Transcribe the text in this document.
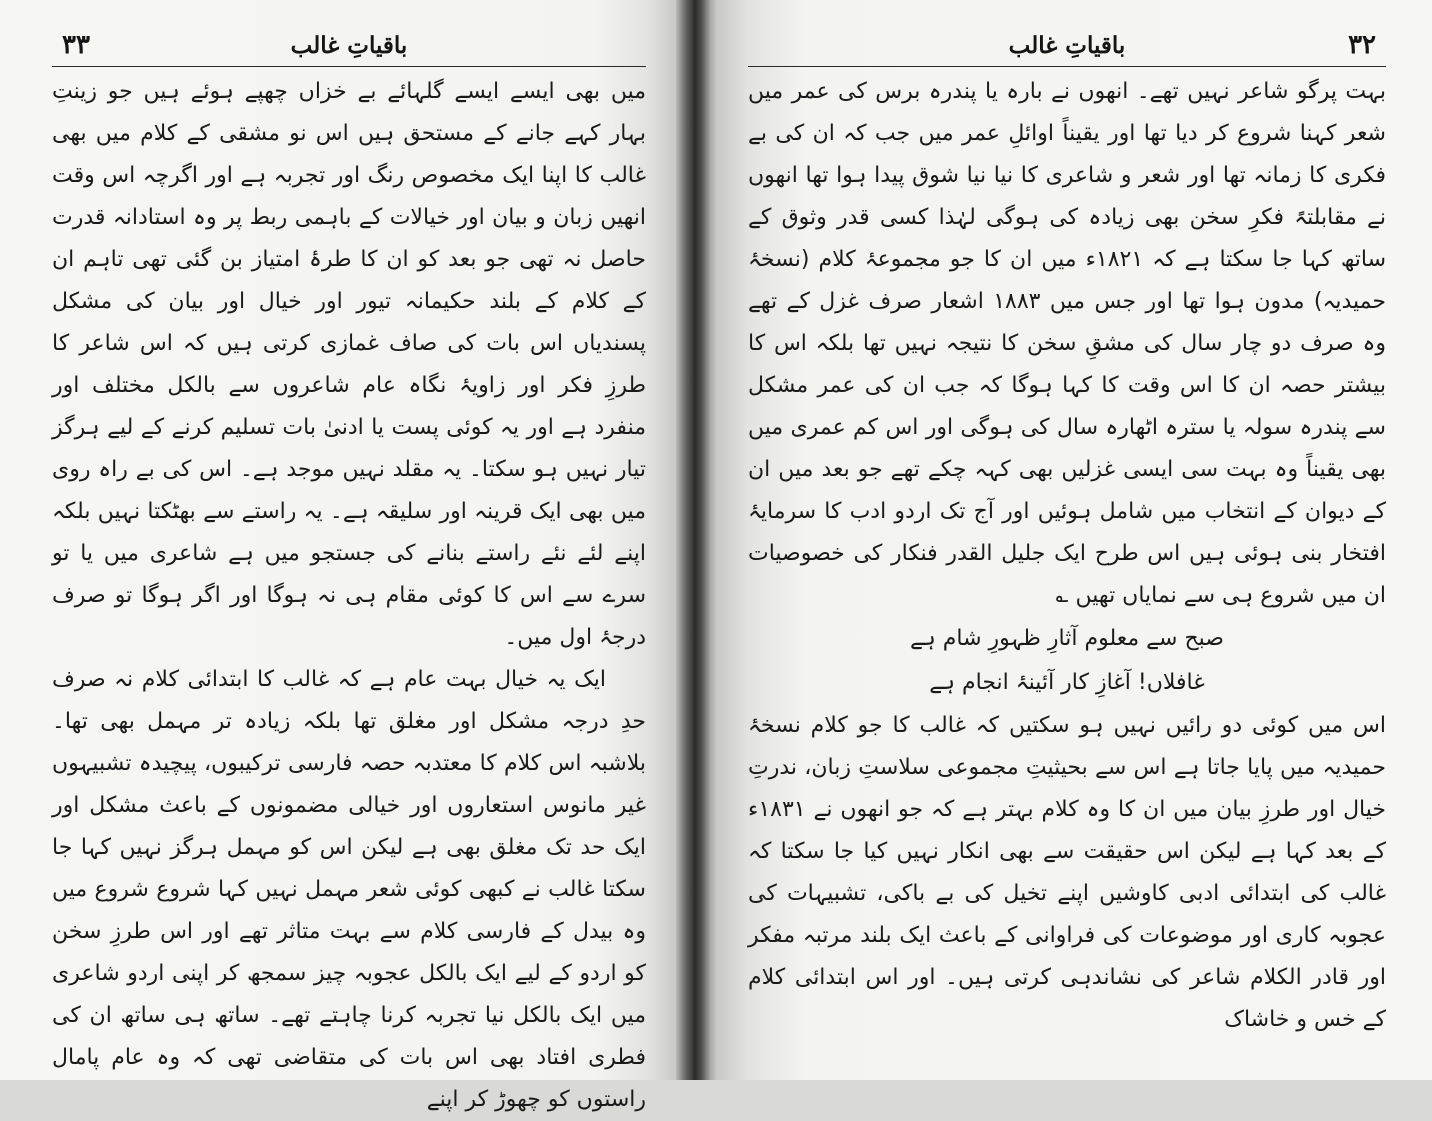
۳۳	باقیاتِ غالب

میں بھی ایسے ایسے گلہائے بے خزاں چھپے ہوئے ہیں جو زینتِ بہار کہے جانے کے مستحق ہیں اس نو مشقی کے کلام میں بھی غالب کا اپنا ایک مخصوص رنگ اور تجربہ ہے اور اگرچہ اس وقت انھیں زبان و بیان اور خیالات کے باہمی ربط پر وہ استادانہ قدرت حاصل نہ تھی جو بعد کو ان کا طرۂ امتیاز بن گئی تھی تاہم ان کے کلام کے بلند حکیمانہ تیور اور خیال اور بیان کی مشکل پسندیاں اس بات کی صاف غمازی کرتی ہیں کہ اس شاعر کا طرزِ فکر اور زاویۂ نگاہ عام شاعروں سے بالکل مختلف اور منفرد ہے اور یہ کوئی پست یا ادنیٰ بات تسلیم کرنے کے لیے ہرگز تیار نہیں ہو سکتا۔ یہ مقلد نہیں موجد ہے۔ اس کی بے راہ روی میں بھی ایک قرینہ اور سلیقہ ہے۔ یہ راستے سے بھٹکتا نہیں بلکہ اپنے لئے نئے راستے بنانے کی جستجو میں ہے شاعری میں یا تو سرے سے اس کا کوئی مقام ہی نہ ہوگا اور اگر ہوگا تو صرف درجۂ اول میں۔

ایک یہ خیال بہت عام ہے کہ غالب کا ابتدائی کلام نہ صرف حدِ درجہ مشکل اور مغلق تھا بلکہ زیادہ تر مہمل بھی تھا۔ بلاشبہ اس کلام کا معتدبہ حصہ فارسی ترکیبوں، پیچیدہ تشبیہوں غیر مانوس استعاروں اور خیالی مضمونوں کے باعث مشکل اور ایک حد تک مغلق بھی ہے لیکن اس کو مہمل ہرگز نہیں کہا جا سکتا غالب نے کبھی کوئی شعر مہمل نہیں کہا شروع شروع میں وہ بیدل کے فارسی کلام سے بہت متاثر تھے اور اس طرزِ سخن کو اردو کے لیے ایک بالکل عجوبہ چیز سمجھ کر اپنی اردو شاعری میں ایک بالکل نیا تجربہ کرنا چاہتے تھے۔ ساتھ ہی ساتھ ان کی فطری افتاد بھی اس بات کی متقاضی تھی کہ وہ عام پامال راستوں کو چھوڑ کر اپنے

باقیاتِ غالب	۳۲

بہت پرگو شاعر نہیں تھے۔ انھوں نے بارہ یا پندرہ برس کی عمر میں شعر کہنا شروع کر دیا تھا اور یقیناً اوائلِ عمر میں جب کہ ان کی بے فکری کا زمانہ تھا اور شعر و شاعری کا نیا نیا شوق پیدا ہوا تھا انھوں نے مقابلتہً فکرِ سخن بھی زیادہ کی ہوگی لہٰذا کسی قدر وثوق کے ساتھ کہا جا سکتا ہے کہ ۱۸۲۱ء میں ان کا جو مجموعۂ کلام (نسخۂ حمیدیہ) مدون ہوا تھا اور جس میں ۱۸۸۳ اشعار صرف غزل کے تھے وہ صرف دو چار سال کی مشقِ سخن کا نتیجہ نہیں تھا بلکہ اس کا بیشتر حصہ ان کا اس وقت کا کہا ہوگا کہ جب ان کی عمر مشکل سے پندرہ سولہ یا سترہ اٹھارہ سال کی ہوگی اور اس کم عمری میں بھی یقیناً وہ بہت سی ایسی غزلیں بھی کہہ چکے تھے جو بعد میں ان کے دیوان کے انتخاب میں شامل ہوئیں اور آج تک اردو ادب کا سرمایۂ افتخار بنی ہوئی ہیں اس طرح ایک جلیل القدر فنکار کی خصوصیات ان میں شروع ہی سے نمایاں تھیں ؎

صبح سے معلوم آثارِ ظہورِ شام ہے

غافلاں! آغازِ کار آئینۂ انجام ہے

اس میں کوئی دو رائیں نہیں ہو سکتیں کہ غالب کا جو کلام نسخۂ حمیدیہ میں پایا جاتا ہے اس سے بحیثیتِ مجموعی سلاستِ زبان، ندرتِ خیال اور طرزِ بیان میں ان کا وہ کلام بہتر ہے کہ جو انھوں نے ۱۸۳۱ء کے بعد کہا ہے لیکن اس حقیقت سے بھی انکار نہیں کیا جا سکتا کہ غالب کی ابتدائی ادبی کاوشیں اپنے تخیل کی بے باکی، تشبیہات کی عجوبہ کاری اور موضوعات کی فراوانی کے باعث ایک بلند مرتبہ مفکر اور قادر الکلام شاعر کی نشاندہی کرتی ہیں۔ اور اس ابتدائی کلام کے خس و خاشاک
